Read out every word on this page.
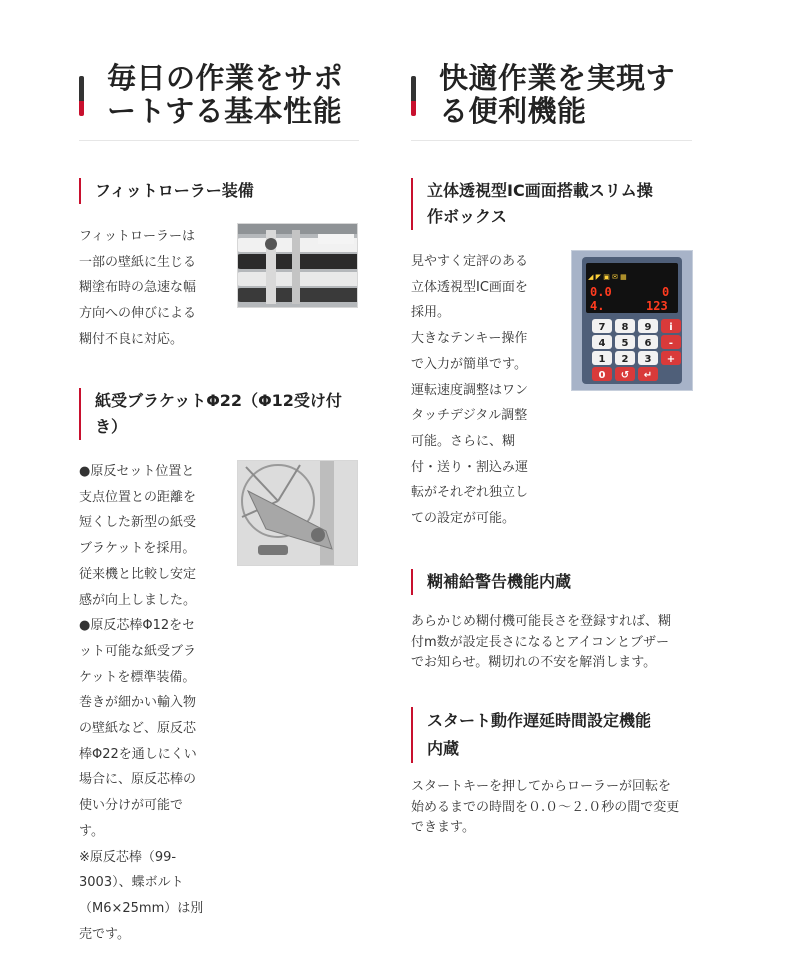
毎日の作業をサポ
ートする基本性能
フィットローラー装備
フィットローラーは
一部の壁紙に生じる
糊塗布時の急速な幅
方向への伸びによる
糊付不良に対応。
紙受ブラケットΦ22（Φ12受け付
き）
●原反セット位置と
支点位置との距離を
短くした新型の紙受
ブラケットを採用。
従来機と比較し安定
感が向上しました。
●原反芯棒Φ12をセ
ット可能な紙受ブラ
ケットを標準装備。
巻きが細かい輸入物
の壁紙など、原反芯
棒Φ22を通しにくい
場合に、原反芯棒の
使い分けが可能で
す。
※原反芯棒（99-
3003）、蝶ボルト
（M6×25mm）は別
売です。
快適作業を実現す
る便利機能
立体透視型IC画面搭載スリム操
作ボックス
見やすく定評のある
立体透視型IC画面を
採用。
大きなテンキー操作
で入力が簡単です。
運転速度調整はワン
タッチデジタル調整
可能。さらに、糊
付・送り・割込み運
転がそれぞれ独立し
ての設定が可能。
◢ ◤ ▣ ✉ ▦
0.0	0
4.	123
7 8 9 i
4 5 6 -
1 2 3 +
0 ↺ ↵
糊補給警告機能内蔵
あらかじめ糊付機可能長さを登録すれば、糊
付m数が設定長さになるとアイコンとブザー
でお知らせ。糊切れの不安を解消します。
スタート動作遅延時間設定機能
内蔵
スタートキーを押してからローラーが回転を
始めるまでの時間を０.０～２.０秒の間で変更
できます。
